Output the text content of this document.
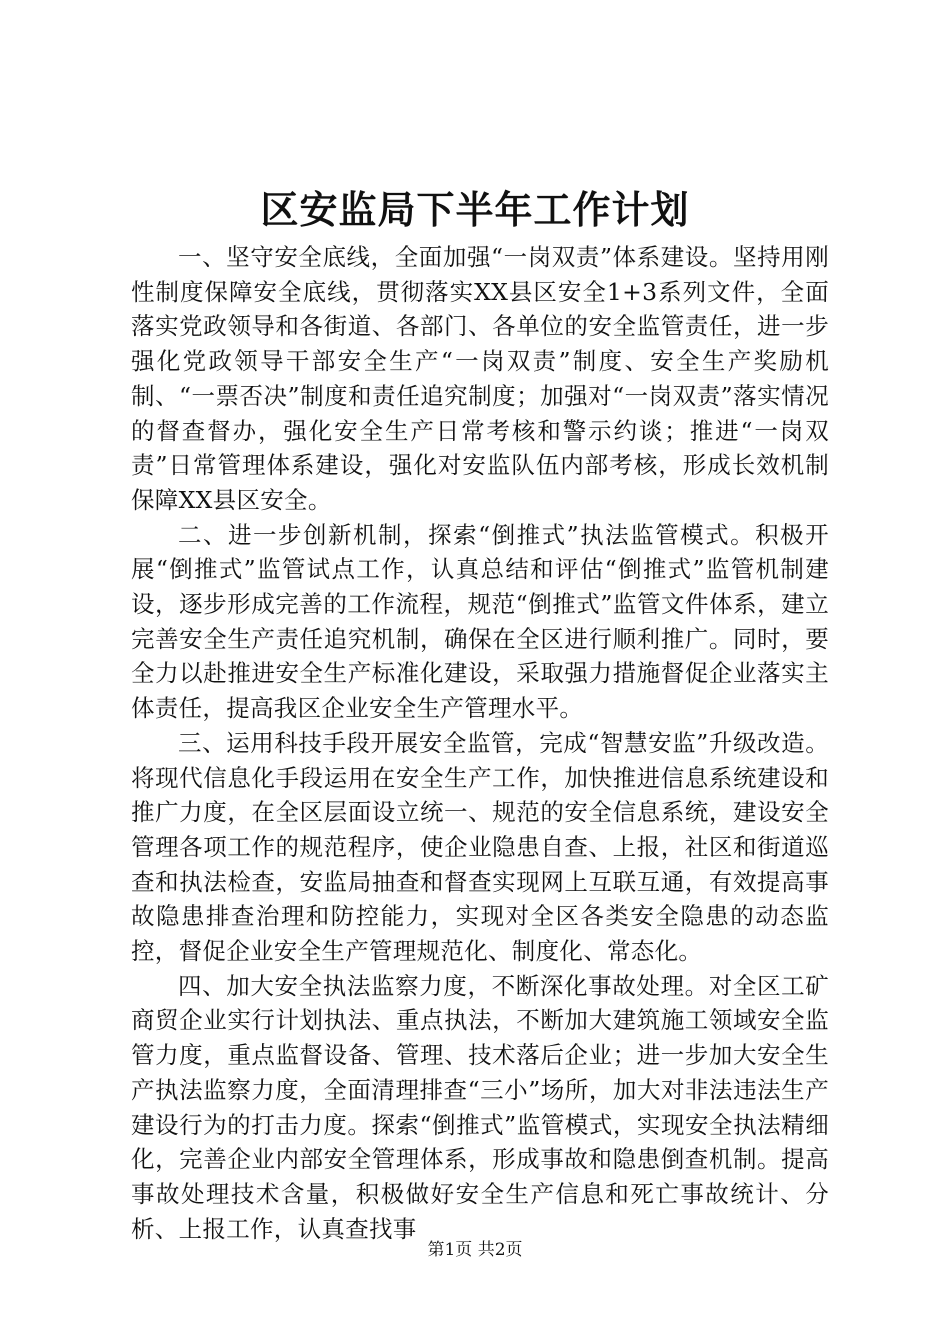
区安监局下半年工作计划

一、坚守安全底线，全面加强“一岗双责”体系建设。坚持用刚性制度保障安全底线，贯彻落实XX县区安全1+3系列文件，全面落实党政领导和各街道、各部门、各单位的安全监管责任，进一步强化党政领导干部安全生产“一岗双责”制度、安全生产奖励机制、“一票否决”制度和责任追究制度；加强对“一岗双责”落实情况的督查督办，强化安全生产日常考核和警示约谈；推进“一岗双责”日常管理体系建设，强化对安监队伍内部考核，形成长效机制保障XX县区安全。

二、进一步创新机制，探索“倒推式”执法监管模式。积极开展“倒推式”监管试点工作，认真总结和评估“倒推式”监管机制建设，逐步形成完善的工作流程，规范“倒推式”监管文件体系，建立完善安全生产责任追究机制，确保在全区进行顺利推广。同时，要全力以赴推进安全生产标准化建设，采取强力措施督促企业落实主体责任，提高我区企业安全生产管理水平。

三、运用科技手段开展安全监管，完成“智慧安监”升级改造。将现代信息化手段运用在安全生产工作，加快推进信息系统建设和推广力度，在全区层面设立统一、规范的安全信息系统，建设安全管理各项工作的规范程序，使企业隐患自查、上报，社区和街道巡查和执法检查，安监局抽查和督查实现网上互联互通，有效提高事故隐患排查治理和防控能力，实现对全区各类安全隐患的动态监控，督促企业安全生产管理规范化、制度化、常态化。

四、加大安全执法监察力度，不断深化事故处理。对全区工矿商贸企业实行计划执法、重点执法，不断加大建筑施工领域安全监管力度，重点监督设备、管理、技术落后企业；进一步加大安全生产执法监察力度，全面清理排查“三小”场所，加大对非法违法生产建设行为的打击力度。探索“倒推式”监管模式，实现安全执法精细化，完善企业内部安全管理体系，形成事故和隐患倒查机制。提高事故处理技术含量，积极做好安全生产信息和死亡事故统计、分析、上报工作，认真查找事

第1页 共2页
